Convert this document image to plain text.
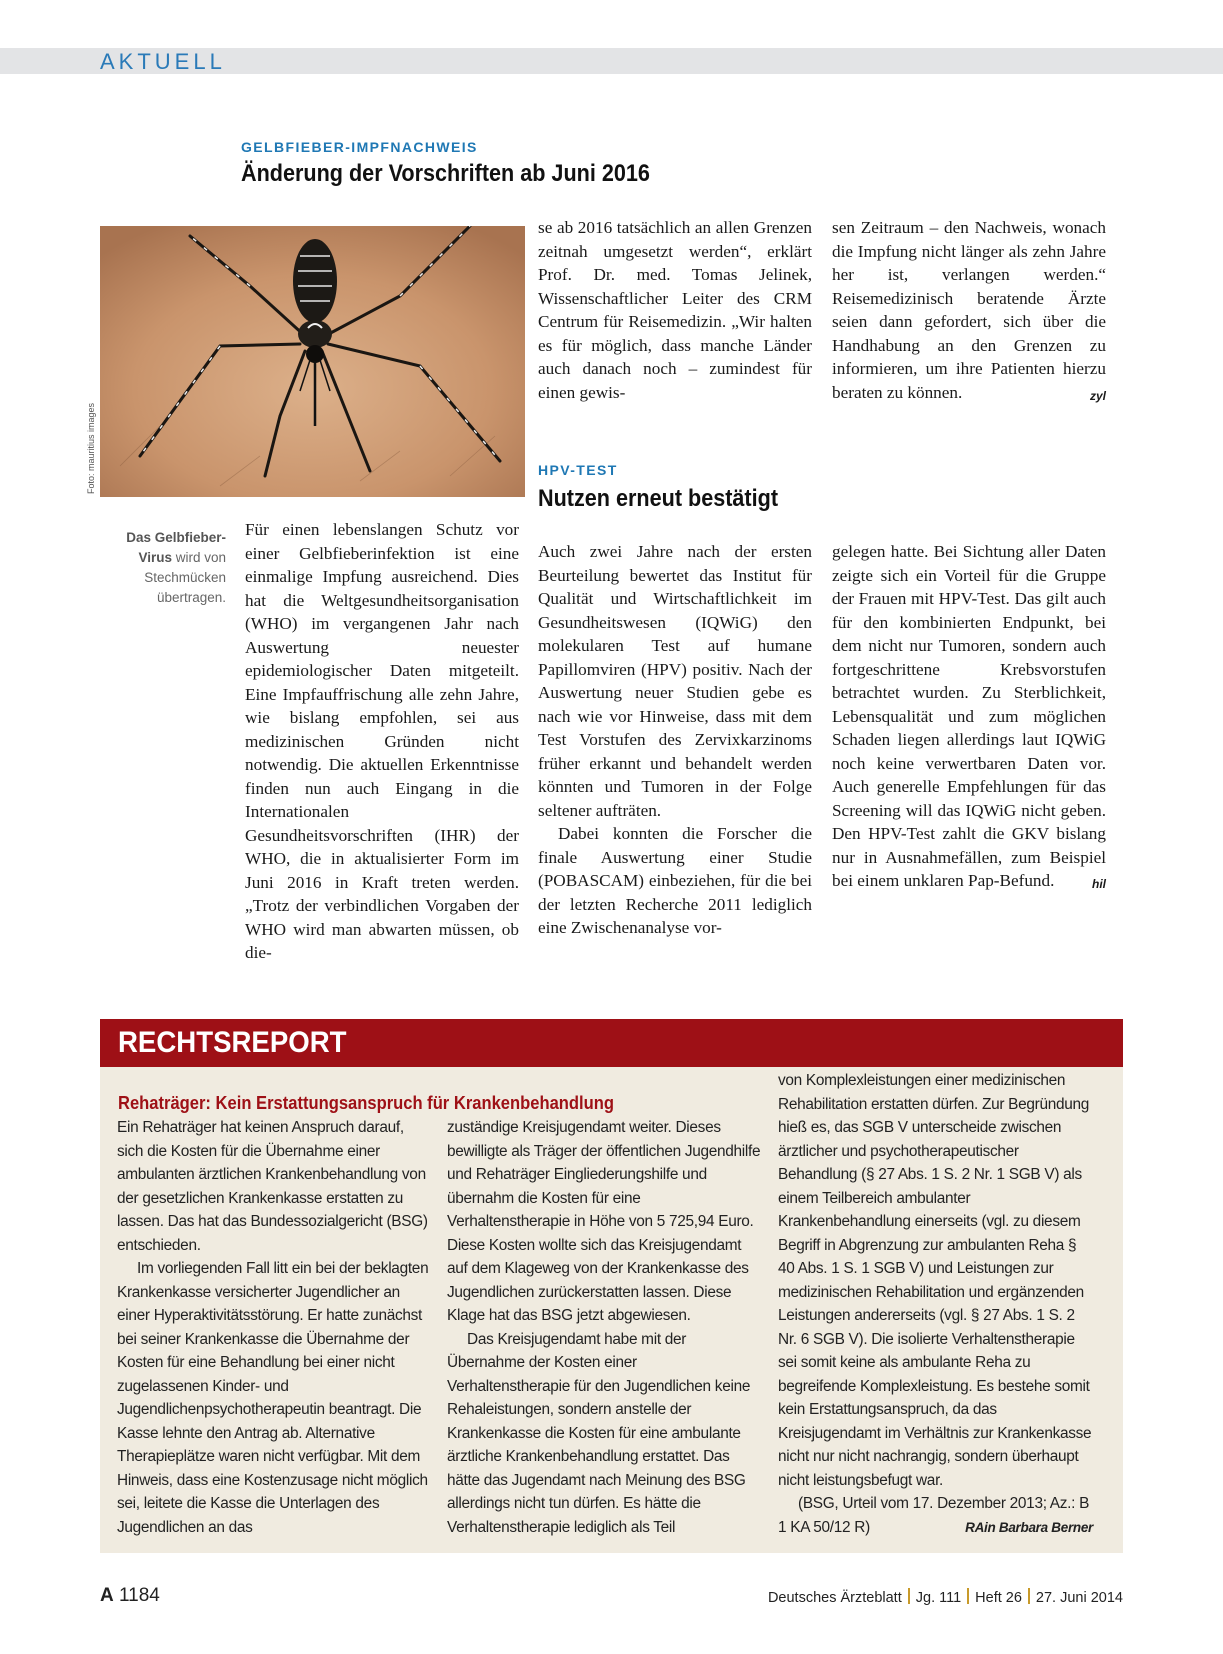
AKTUELL
GELBFIEBER-IMPFNACHWEIS
Änderung der Vorschriften ab Juni 2016
Foto: mauritius images
Das Gelbfieber-Virus wird von Stechmücken übertragen.

Für einen lebenslangen Schutz vor einer Gelbfieberinfektion ist eine einmalige Impfung ausreichend. Dies hat die Weltgesundheitsorganisation (WHO) im vergangenen Jahr nach Auswertung neuester epidemiologischer Daten mitgeteilt. Eine Impfauffrischung alle zehn Jahre, wie bislang empfohlen, sei aus medizinischen Gründen nicht notwendig. Die aktuellen Erkenntnisse finden nun auch Eingang in die Internationalen Gesundheitsvorschriften (IHR) der WHO, die in aktualisierter Form im Juni 2016 in Kraft treten werden. „Trotz der verbindlichen Vorgaben der WHO wird man abwarten müssen, ob die-

se ab 2016 tatsächlich an allen Grenzen zeitnah umgesetzt werden“, erklärt Prof. Dr. med. Tomas Jelinek, Wissenschaftlicher Leiter des CRM Centrum für Reisemedizin. „Wir halten es für möglich, dass manche Länder auch danach noch – zumindest für einen gewis-

sen Zeitraum – den Nachweis, wonach die Impfung nicht länger als zehn Jahre her ist, verlangen werden.“ Reisemedizinisch beratende Ärzte seien dann gefordert, sich über die Handhabung an den Grenzen zu informieren, um ihre Patienten hierzu beraten zu können.	zyl

HPV-TEST
Nutzen erneut bestätigt

Auch zwei Jahre nach der ersten Beurteilung bewertet das Institut für Qualität und Wirtschaftlichkeit im Gesundheitswesen (IQWiG) den molekularen Test auf humane Papillomviren (HPV) positiv. Nach der Auswertung neuer Studien gebe es nach wie vor Hinweise, dass mit dem Test Vorstufen des Zervixkarzinoms früher erkannt und behandelt werden könnten und Tumoren in der Folge seltener aufträten.

Dabei konnten die Forscher die finale Auswertung einer Studie (POBASCAM) einbeziehen, für die bei der letzten Recherche 2011 lediglich eine Zwischenanalyse vor-

gelegen hatte. Bei Sichtung aller Daten zeigte sich ein Vorteil für die Gruppe der Frauen mit HPV-Test. Das gilt auch für den kombinierten Endpunkt, bei dem nicht nur Tumoren, sondern auch fortgeschrittene Krebsvorstufen betrachtet wurden. Zu Sterblichkeit, Lebensqualität und zum möglichen Schaden liegen allerdings laut IQWiG noch keine verwertbaren Daten vor. Auch generelle Empfehlungen für das Screening will das IQWiG nicht geben. Den HPV-Test zahlt die GKV bislang nur in Ausnahmefällen, zum Beispiel bei einem unklaren Pap-Befund.	hil

RECHTSREPORT
Rehaträger: Kein Erstattungsanspruch für Krankenbehandlung

Ein Rehaträger hat keinen Anspruch darauf, sich die Kosten für die Übernahme einer ambulanten ärztlichen Krankenbehandlung von der gesetzlichen Krankenkasse erstatten zu lassen. Das hat das Bundessozialgericht (BSG) entschieden.

Im vorliegenden Fall litt ein bei der beklagten Krankenkasse versicherter Jugendlicher an einer Hyperaktivitätsstörung. Er hatte zunächst bei seiner Krankenkasse die Übernahme der Kosten für eine Behandlung bei einer nicht zugelassenen Kinder- und Jugendlichenpsychotherapeutin beantragt. Die Kasse lehnte den Antrag ab. Alternative Therapieplätze waren nicht verfügbar. Mit dem Hinweis, dass eine Kostenzusage nicht möglich sei, leitete die Kasse die Unterlagen des Jugendlichen an das

zuständige Kreisjugendamt weiter. Dieses bewilligte als Träger der öffentlichen Jugendhilfe und Rehaträger Eingliederungshilfe und übernahm die Kosten für eine Verhaltenstherapie in Höhe von 5 725,94 Euro. Diese Kosten wollte sich das Kreisjugendamt auf dem Klageweg von der Krankenkasse des Jugendlichen zurückerstatten lassen. Diese Klage hat das BSG jetzt abgewiesen.

Das Kreisjugendamt habe mit der Übernahme der Kosten einer Verhaltenstherapie für den Jugendlichen keine Rehaleistungen, sondern anstelle der Krankenkasse die Kosten für eine ambulante ärztliche Krankenbehandlung erstattet. Das hätte das Jugendamt nach Meinung des BSG allerdings nicht tun dürfen. Es hätte die Verhaltenstherapie lediglich als Teil

von Komplexleistungen einer medizinischen Rehabilitation erstatten dürfen. Zur Begründung hieß es, das SGB V unterscheide zwischen ärztlicher und psychotherapeutischer Behandlung (§ 27 Abs. 1 S. 2 Nr. 1 SGB V) als einem Teilbereich ambulanter Krankenbehandlung einerseits (vgl. zu diesem Begriff in Abgrenzung zur ambulanten Reha § 40 Abs. 1 S. 1 SGB V) und Leistungen zur medizinischen Rehabilitation und ergänzenden Leistungen andererseits (vgl. § 27 Abs. 1 S. 2 Nr. 6 SGB V). Die isolierte Verhaltenstherapie sei somit keine als ambulante Reha zu begreifende Komplexleistung. Es bestehe somit kein Erstattungsanspruch, da das Kreisjugendamt im Verhältnis zur Krankenkasse nicht nur nicht nachrangig, sondern überhaupt nicht leistungsbefugt war.

(BSG, Urteil vom 17. Dezember 2013; Az.: B 1 KA 50/12 R)	RAin Barbara Berner

A 1184	Deutsches Ärzteblatt Jg. 111 Heft 26 27. Juni 2014
